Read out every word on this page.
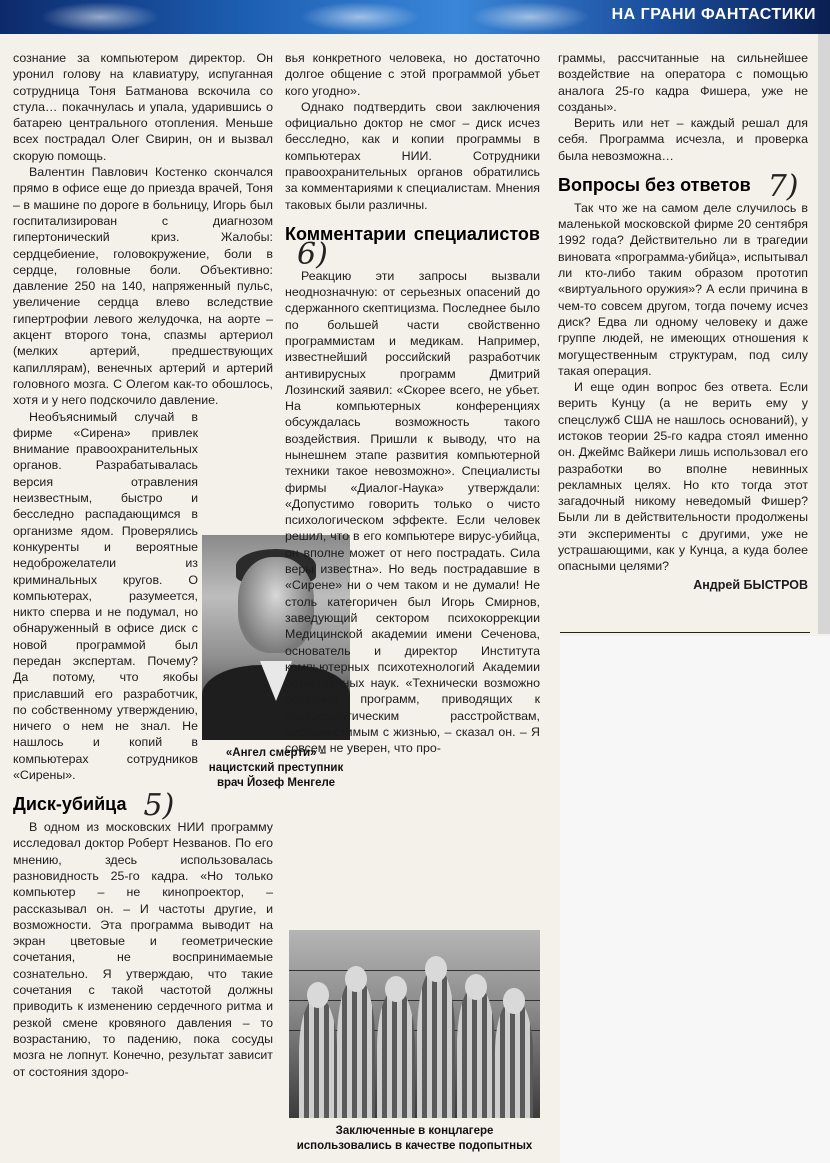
НА ГРАНИ ФАНТАСТИКИ

сознание за компьютером директор. Он уронил голову на клавиатуру, испуганная сотрудница Тоня Батманова вскочила со стула… покачнулась и упала, ударившись о батарею центрального отопления. Меньше всех пострадал Олег Свирин, он и вызвал скорую помощь.

Валентин Павлович Костенко скончался прямо в офисе еще до приезда врачей, Тоня – в машине по дороге в больницу, Игорь был госпитализирован с диагнозом гипертонический криз. Жалобы: сердцебиение, головокружение, боли в сердце, головные боли. Объективно: давление 250 на 140, напряженный пульс, увеличение сердца влево вследствие гипертрофии левого желудочка, на аорте – акцент второго тона, спазмы артериол (мелких артерий, предшествующих капиллярам), венечных артерий и артерий головного мозга. С Олегом как-то обошлось, хотя и у него подскочило давление.

Необъяснимый случай в фирме «Сирена» привлек внимание правоохранительных органов. Разрабатывалась версия отравления неизвестным, быстро и бесследно распадающимся в организме ядом. Проверялись конкуренты и вероятные недоброжелатели из криминальных кругов. О компьютерах, разумеется, никто сперва и не подумал, но обнаруженный в офисе диск с новой программой был передан экспертам. Почему? Да потому, что якобы приславший его разработчик, по собственному утверждению, ничего о нем не знал. Не нашлось и копий в компьютерах сотрудников «Сирены».

Диск-убийца 5)

В одном из московских НИИ программу исследовал доктор Роберт Незванов. По его мнению, здесь использовалась разновидность 25-го кадра. «Но только компьютер – не кинопроектор, – рассказывал он. – И частоты другие, и возможности. Эта программа выводит на экран цветовые и геометрические сочетания, не воспринимаемые сознательно. Я утверждаю, что такие сочетания с такой частотой должны приводить к изменению сердечного ритма и резкой смене кровяного давления – то возрастанию, то падению, пока сосуды мозга не лопнут. Конечно, результат зависит от состояния здоро-

«Ангел смерти» – нацистский преступник врач Йозеф Менгеле

вья конкретного человека, но достаточно долгое общение с этой программой убьет кого угодно».

Однако подтвердить свои заключения официально доктор не смог – диск исчез бесследно, как и копии программы в компьютерах НИИ. Сотрудники правоохранительных органов обратились за комментариями к специалистам. Мнения таковых были различны.

Комментарии специалистов 6)

Реакцию эти запросы вызвали неоднозначную: от серьезных опасений до сдержанного скептицизма. Последнее было по большей части свойственно программистам и медикам. Например, известнейший российский разработчик антивирусных программ Дмитрий Лозинский заявил: «Скорее всего, не убьет. На компьютерных конференциях обсуждалась возможность такого воздействия. Пришли к выводу, что на нынешнем этапе развития компьютерной техники такое невозможно». Специалисты фирмы «Диалог-Наука» утверждали: «Допустимо говорить только о чисто психологическом эффекте. Если человек решил, что в его компьютере вирус-убийца, он вполне может от него пострадать. Сила веры известна». Но ведь пострадавшие в «Сирене» ни о чем таком и не думали! Не столь категоричен был Игорь Смирнов, заведующий сектором психокоррекции Медицинской академии имени Сеченова, основатель и директор Института компьютерных психотехнологий Академии естественных наук. «Технически возможно создание программ, приводящих к психосоматическим расстройствам, несовместимым с жизнью, – сказал он. – Я совсем не уверен, что про-

Заключенные в концлагере использовались в качестве подопытных

граммы, рассчитанные на сильнейшее воздействие на оператора с помощью аналога 25-го кадра Фишера, уже не созданы».

Верить или нет – каждый решал для себя. Программа исчезла, и проверка была невозможна…

Вопросы без ответов 7)

Так что же на самом деле случилось в маленькой московской фирме 20 сентября 1992 года? Действительно ли в трагедии виновата «программа-убийца», испытывал ли кто-либо таким образом прототип «виртуального оружия»? А если причина в чем-то совсем другом, тогда почему исчез диск? Едва ли одному человеку и даже группе людей, не имеющих отношения к могущественным структурам, под силу такая операция.

И еще один вопрос без ответа. Если верить Кунцу (а не верить ему у спецслужб США не нашлось оснований), у истоков теории 25-го кадра стоял именно он. Джеймс Вайкери лишь использовал его разработки во вполне невинных рекламных целях. Но кто тогда этот загадочный никому неведомый Фишер? Были ли в действительности продолжены эти эксперименты с другими, уже не устрашающими, как у Кунца, а куда более опасными целями?

Андрей БЫСТРОВ
